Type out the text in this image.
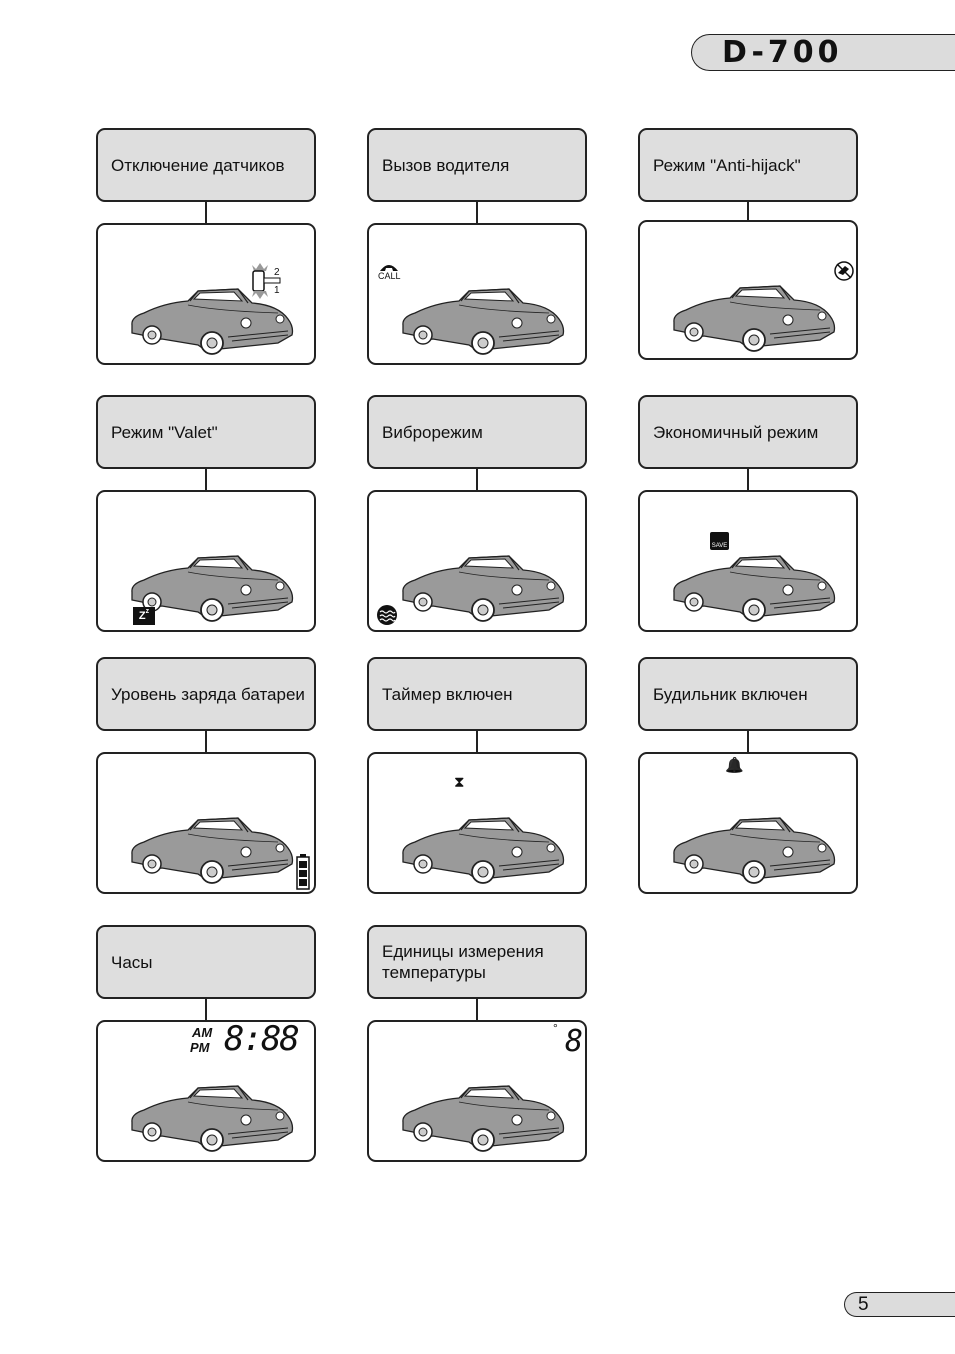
D-700
Отключение датчиков
2
1
Вызов водителя
CALL
Режим "Anti-hijack"
Режим "Valet"
$Z^z$
Виброрежим	Экономичный режим
SAVE
Уровень заряда батареи	Таймер включен
⧗
Будильник включен
🔔
Часы
AM
PM 8:88
Единицы измерения температуры
° 8
5
